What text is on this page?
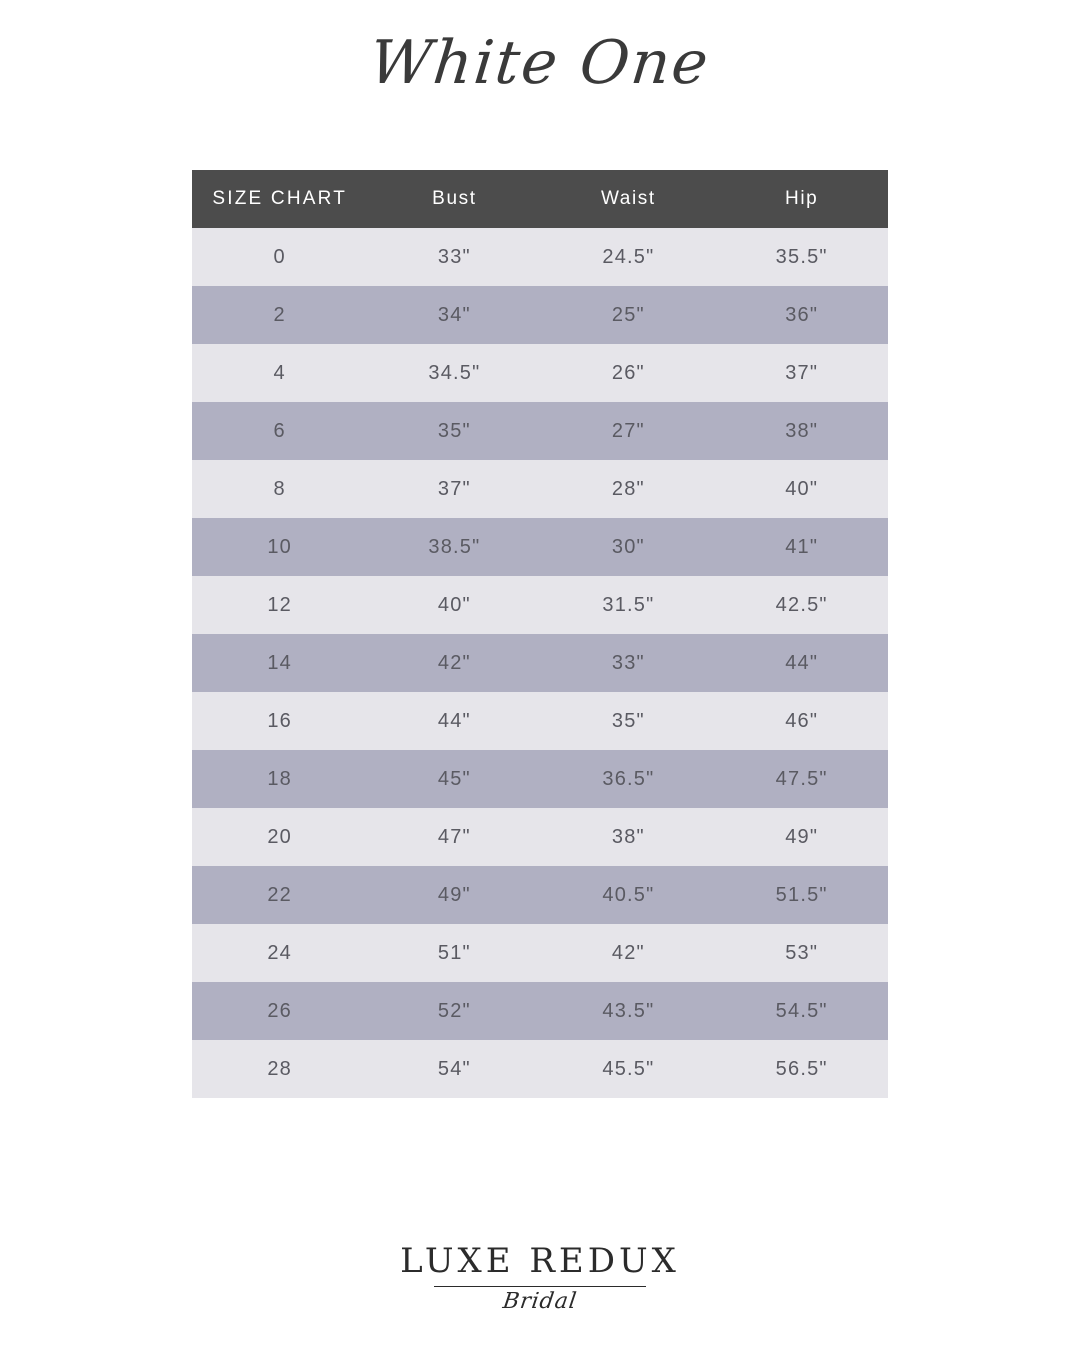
White One
SIZE CHART	Bust	Waist	Hip
0	33"	24.5"	35.5"
2	34"	25"	36"
4	34.5"	26"	37"
6	35"	27"	38"
8	37"	28"	40"
10	38.5"	30"	41"
12	40"	31.5"	42.5"
14	42"	33"	44"
16	44"	35"	46"
18	45"	36.5"	47.5"
20	47"	38"	49"
22	49"	40.5"	51.5"
24	51"	42"	53"
26	52"	43.5"	54.5"
28	54"	45.5"	56.5"
LUXE REDUX
Bridal
